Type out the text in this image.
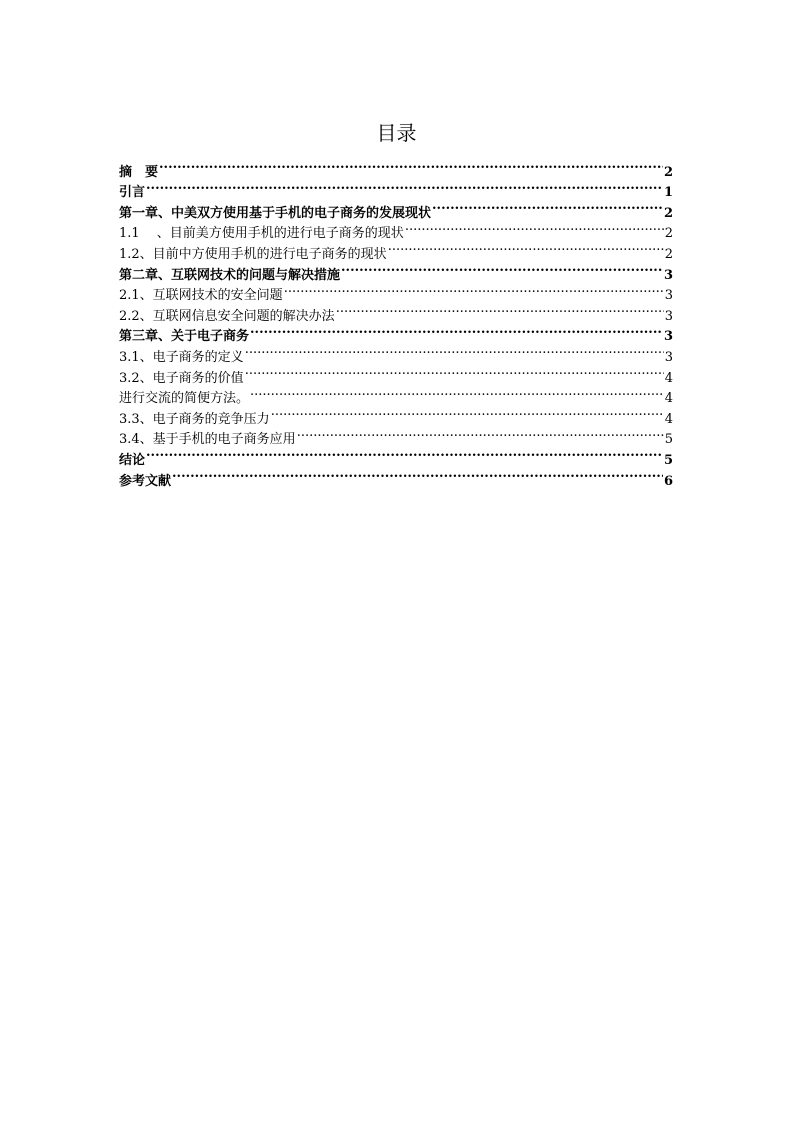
目录
摘　要 .....	2
引言 .....	1
第一章、中美双方使用基于手机的电子商务的发展现状 .....	2
1.1　 、目前美方使用手机的进行电子商务的现状 .....	2
1.2、目前中方使用手机的进行电子商务的现状 .....	2
第二章、互联网技术的问题与解决措施 .....	3
2.1、互联网技术的安全问题 .....	3
2.2、互联网信息安全问题的解决办法 .....	3
第三章、关于电子商务 .....	3
3.1、电子商务的定义 .....	3
3.2、电子商务的价值 .....	4
进行交流的简便方法。 .....	4
3.3、电子商务的竞争压力 .....	4
3.4、基于手机的电子商务应用 .....	5
结论 .....	5
参考文献 .....	6
